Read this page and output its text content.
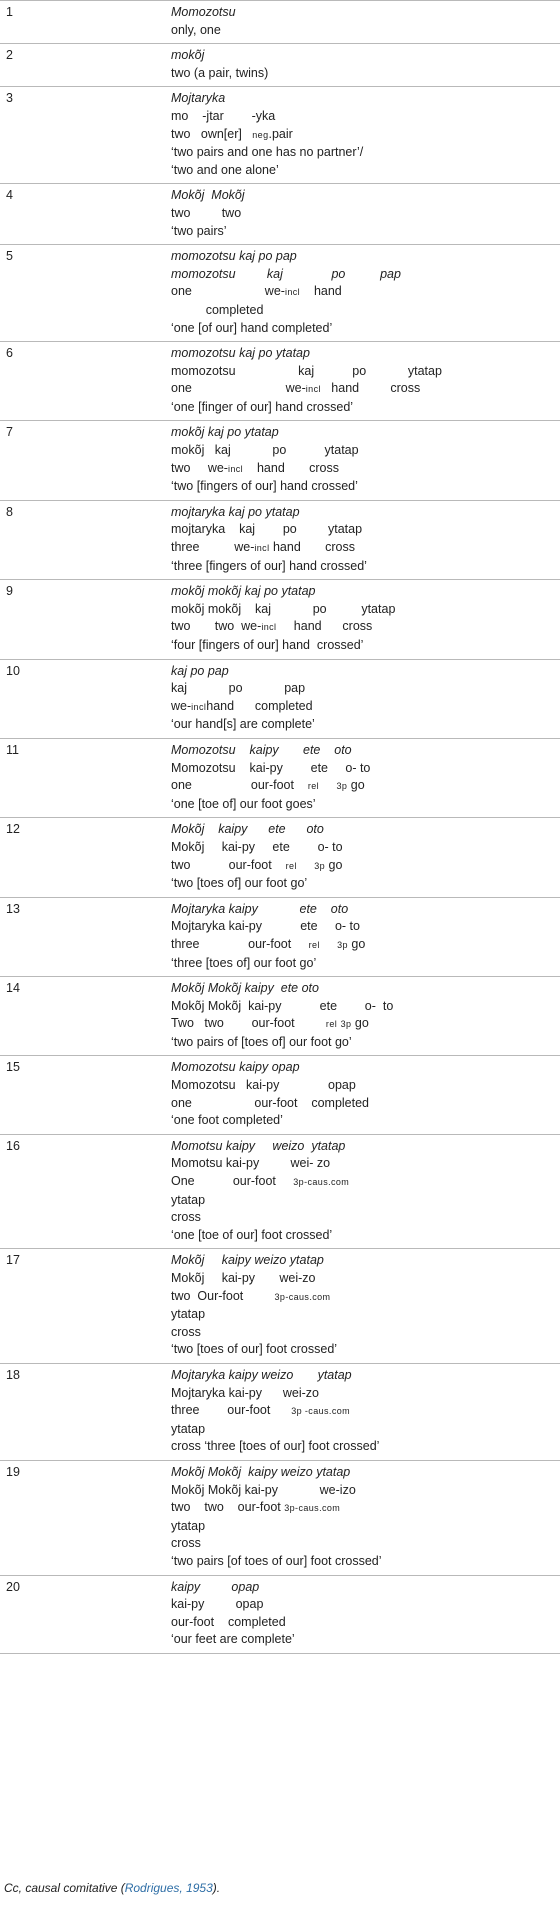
1	Momozotsu
only, one
2	mokõj
two (a pair, twins)
3	Mojtaryka
mo    -jtar        -yka
two   own[er]   neg.pair
‘two pairs and one has no partner’/
‘two and one alone’
4	Mokõj  Mokõj
two         two
‘two pairs’
5	momozotsu kaj po pap
momozotsu         kaj              po          pap
one                     we-incl    hand
completed
‘one [of our] hand completed’
6	momozotsu kaj po ytatap
momozotsu                  kaj           po            ytatap
one                           we-incl   hand         cross
‘one [finger of our] hand crossed’
7	mokõj kaj po ytatap
mokõj   kaj            po           ytatap
two     we-incl    hand       cross
‘two [fingers of our] hand crossed’
8	mojtaryka kaj po ytatap
mojtaryka    kaj        po         ytatap
three          we-incl hand       cross
‘three [fingers of our] hand crossed’
9	mokõj mokõj kaj po ytatap
mokõj mokõj    kaj            po          ytatap
two       two  we-incl     hand      cross
‘four [fingers of our] hand  crossed’
10	kaj po pap
kaj            po            pap
we-inclhand      completed
‘our hand[s] are complete’
11	Momozotsu    kaipy       ete    oto
Momozotsu    kai-py        ete     o- to
one                 our-foot    rel 3p go
‘one [toe of] our foot goes’
12	Mokõj    kaipy      ete      oto
Mokõj     kai-py     ete        o- to
two           our-foot    rel 3p go
‘two [toes of] our foot go’
13	Mojtaryka kaipy            ete    oto
Mojtaryka kai-py           ete     o- to
three              our-foot     rel 3p go
‘three [toes of] our foot go’
14	Mokõj Mokõj kaipy  ete oto
Mokõj Mokõj  kai-py           ete        o-  to
Two   two        our-foot         rel 3p go
‘two pairs of [toes of] our foot go’
15	Momozotsu kaipy opap
Momozotsu   kai-py              opap
one                  our-foot    completed
‘one foot completed’
16	Momotsu kaipy     weizo  ytatap
Momotsu kai-py         wei- zo
One           our-foot     3p-caus.com
ytatap
cross
‘one [toe of our] foot crossed’
17	Mokõj     kaipy weizo ytatap
Mokõj     kai-py       wei-zo
two  Our-foot         3p-caus.com
ytatap
cross
‘two [toes of our] foot crossed’
18	Mojtaryka kaipy weizo       ytatap
Mojtaryka kai-py      wei-zo
three        our-foot      3p -caus.com
ytatap
cross ‘three [toes of our] foot crossed’
19	Mokõj Mokõj  kaipy weizo ytatap
Mokõj Mokõj kai-py            we-izo
two    two    our-foot 3p-caus.com
ytatap
cross
‘two pairs [of toes of our] foot crossed’
20	kaipy         opap
kai-py         opap
our-foot    completed
‘our feet are complete’
Cc, causal comitative (Rodrigues, 1953).
